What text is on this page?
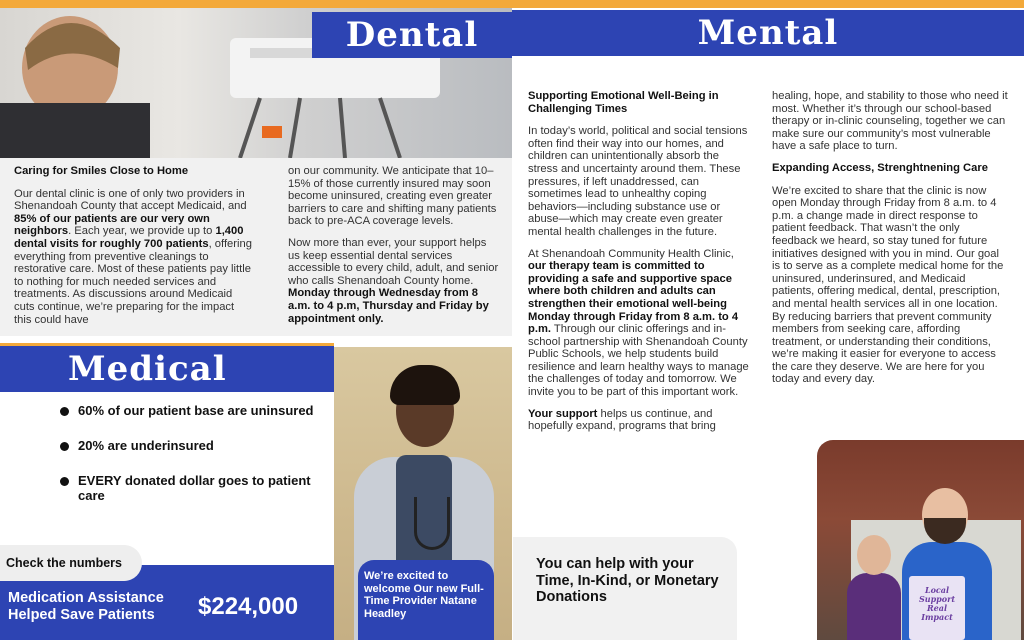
Dental	Mental
Caring for Smiles Close to Home

Our dental clinic is one of only two providers in Shenandoah County that accept Medicaid, and 85% of our patients are our very own neighbors. Each year, we provide up to 1,400 dental visits for roughly 700 patients, offering everything from preventive cleanings to restorative care. Most of these patients pay little to nothing for much needed services and treatments. As discussions around Medicaid cuts continue, we’re preparing for the impact this could have

on our community. We anticipate that 10–15% of those currently insured may soon become uninsured, creating even greater barriers to care and shifting many patients back to pre-ACA coverage levels.

Now more than ever, your support helps us keep essential dental services accessible to every child, adult, and senior who calls Shenandoah County home. Monday through Wednesday from 8 a.m. to 4 p.m, Thursday and Friday by appointment only.

Supporting Emotional Well-Being in Challenging Times

In today’s world, political and social tensions often find their way into our homes, and children can unintentionally absorb the stress and uncertainty around them. These pressures, if left unaddressed, can sometimes lead to unhealthy coping behaviors—including substance use or abuse—which may create even greater mental health challenges in the future.

At Shenandoah Community Health Clinic, our therapy team is committed to providing a safe and supportive space where both children and adults can strengthen their emotional well-being Monday through Friday from 8 a.m. to 4 p.m. Through our clinic offerings and in-school partnership with Shenandoah County Public Schools, we help students build resilience and learn healthy ways to manage the challenges of today and tomorrow. We invite you to be part of this important work.

Your support helps us continue, and hopefully expand, programs that bring

healing, hope, and stability to those who need it most. Whether it’s through our school-based therapy or in-clinic counseling, together we can make sure our community’s most vulnerable have a safe place to turn.

Expanding Access, Strenghtnening Care

We’re excited to share that the clinic is now open Monday through Friday from 8 a.m. to 4 p.m. a change made in direct response to patient feedback. That wasn’t the only feedback we heard, so stay tuned for future initiatives designed with you in mind. Our goal is to serve as a complete medical home for the uninsured, underinsured, and Medicaid patients, offering medical, dental, prescription, and mental health services all in one location. By reducing barriers that prevent community members from seeking care, affording treatment, or understanding their conditions, we’re making it easier for everyone to access the care they deserve. We are here for you today and every day.

Medical
60% of our patient base are uninsured
20% are underinsured
EVERY donated dollar goes to patient care
Check the numbers
Medication Assistance Helped Save Patients	$224,000
We’re excited to welcome Our new Full-Time Provider Natane Headley
You can help with your Time, In-Kind, or Monetary Donations	Local Support Real Impact
